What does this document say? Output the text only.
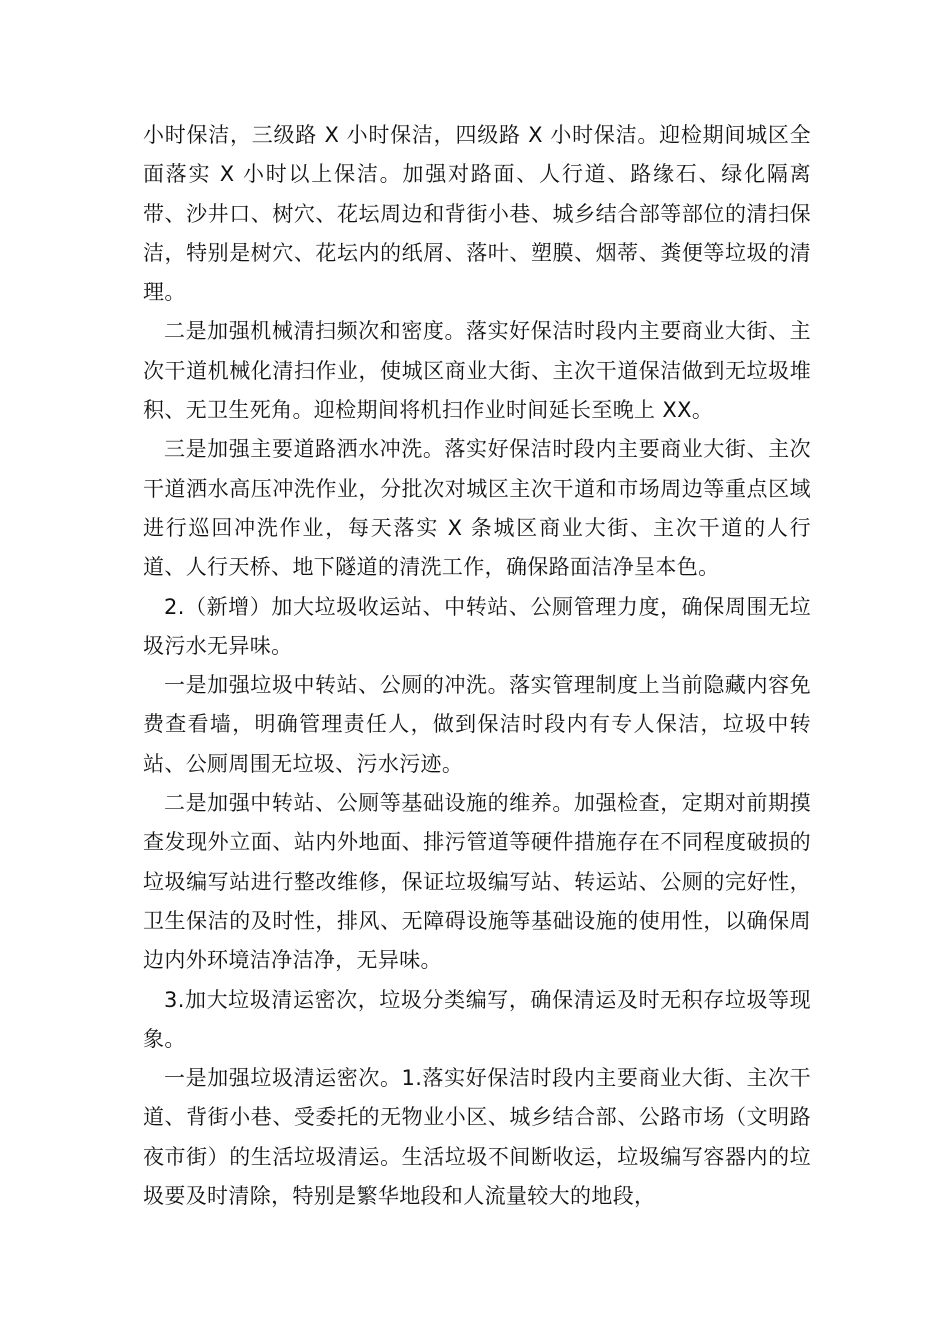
小时保洁，三级路 X 小时保洁，四级路 X 小时保洁。迎检期间城区全面落实 X 小时以上保洁。加强对路面、人行道、路缘石、绿化隔离带、沙井口、树穴、花坛周边和背街小巷、城乡结合部等部位的清扫保洁，特别是树穴、花坛内的纸屑、落叶、塑膜、烟蒂、粪便等垃圾的清理。

二是加强机械清扫频次和密度。落实好保洁时段内主要商业大街、主次干道机械化清扫作业，使城区商业大街、主次干道保洁做到无垃圾堆积、无卫生死角。迎检期间将机扫作业时间延长至晚上 XX。

三是加强主要道路洒水冲洗。落实好保洁时段内主要商业大街、主次干道洒水高压冲洗作业，分批次对城区主次干道和市场周边等重点区域进行巡回冲洗作业，每天落实 X 条城区商业大街、主次干道的人行道、人行天桥、地下隧道的清洗工作，确保路面洁净呈本色。

2.（新增）加大垃圾收运站、中转站、公厕管理力度，确保周围无垃圾污水无异味。

一是加强垃圾中转站、公厕的冲洗。落实管理制度上当前隐藏内容免费查看墙，明确管理责任人，做到保洁时段内有专人保洁，垃圾中转站、公厕周围无垃圾、污水污迹。

二是加强中转站、公厕等基础设施的维养。加强检查，定期对前期摸查发现外立面、站内外地面、排污管道等硬件措施存在不同程度破损的垃圾编写站进行整改维修，保证垃圾编写站、转运站、公厕的完好性，卫生保洁的及时性，排风、无障碍设施等基础设施的使用性，以确保周边内外环境洁净洁净，无异味。

3.加大垃圾清运密次，垃圾分类编写，确保清运及时无积存垃圾等现象。

一是加强垃圾清运密次。1.落实好保洁时段内主要商业大街、主次干道、背街小巷、受委托的无物业小区、城乡结合部、公路市场（文明路夜市街）的生活垃圾清运。生活垃圾不间断收运，垃圾编写容器内的垃圾要及时清除，特别是繁华地段和人流量较大的地段，
